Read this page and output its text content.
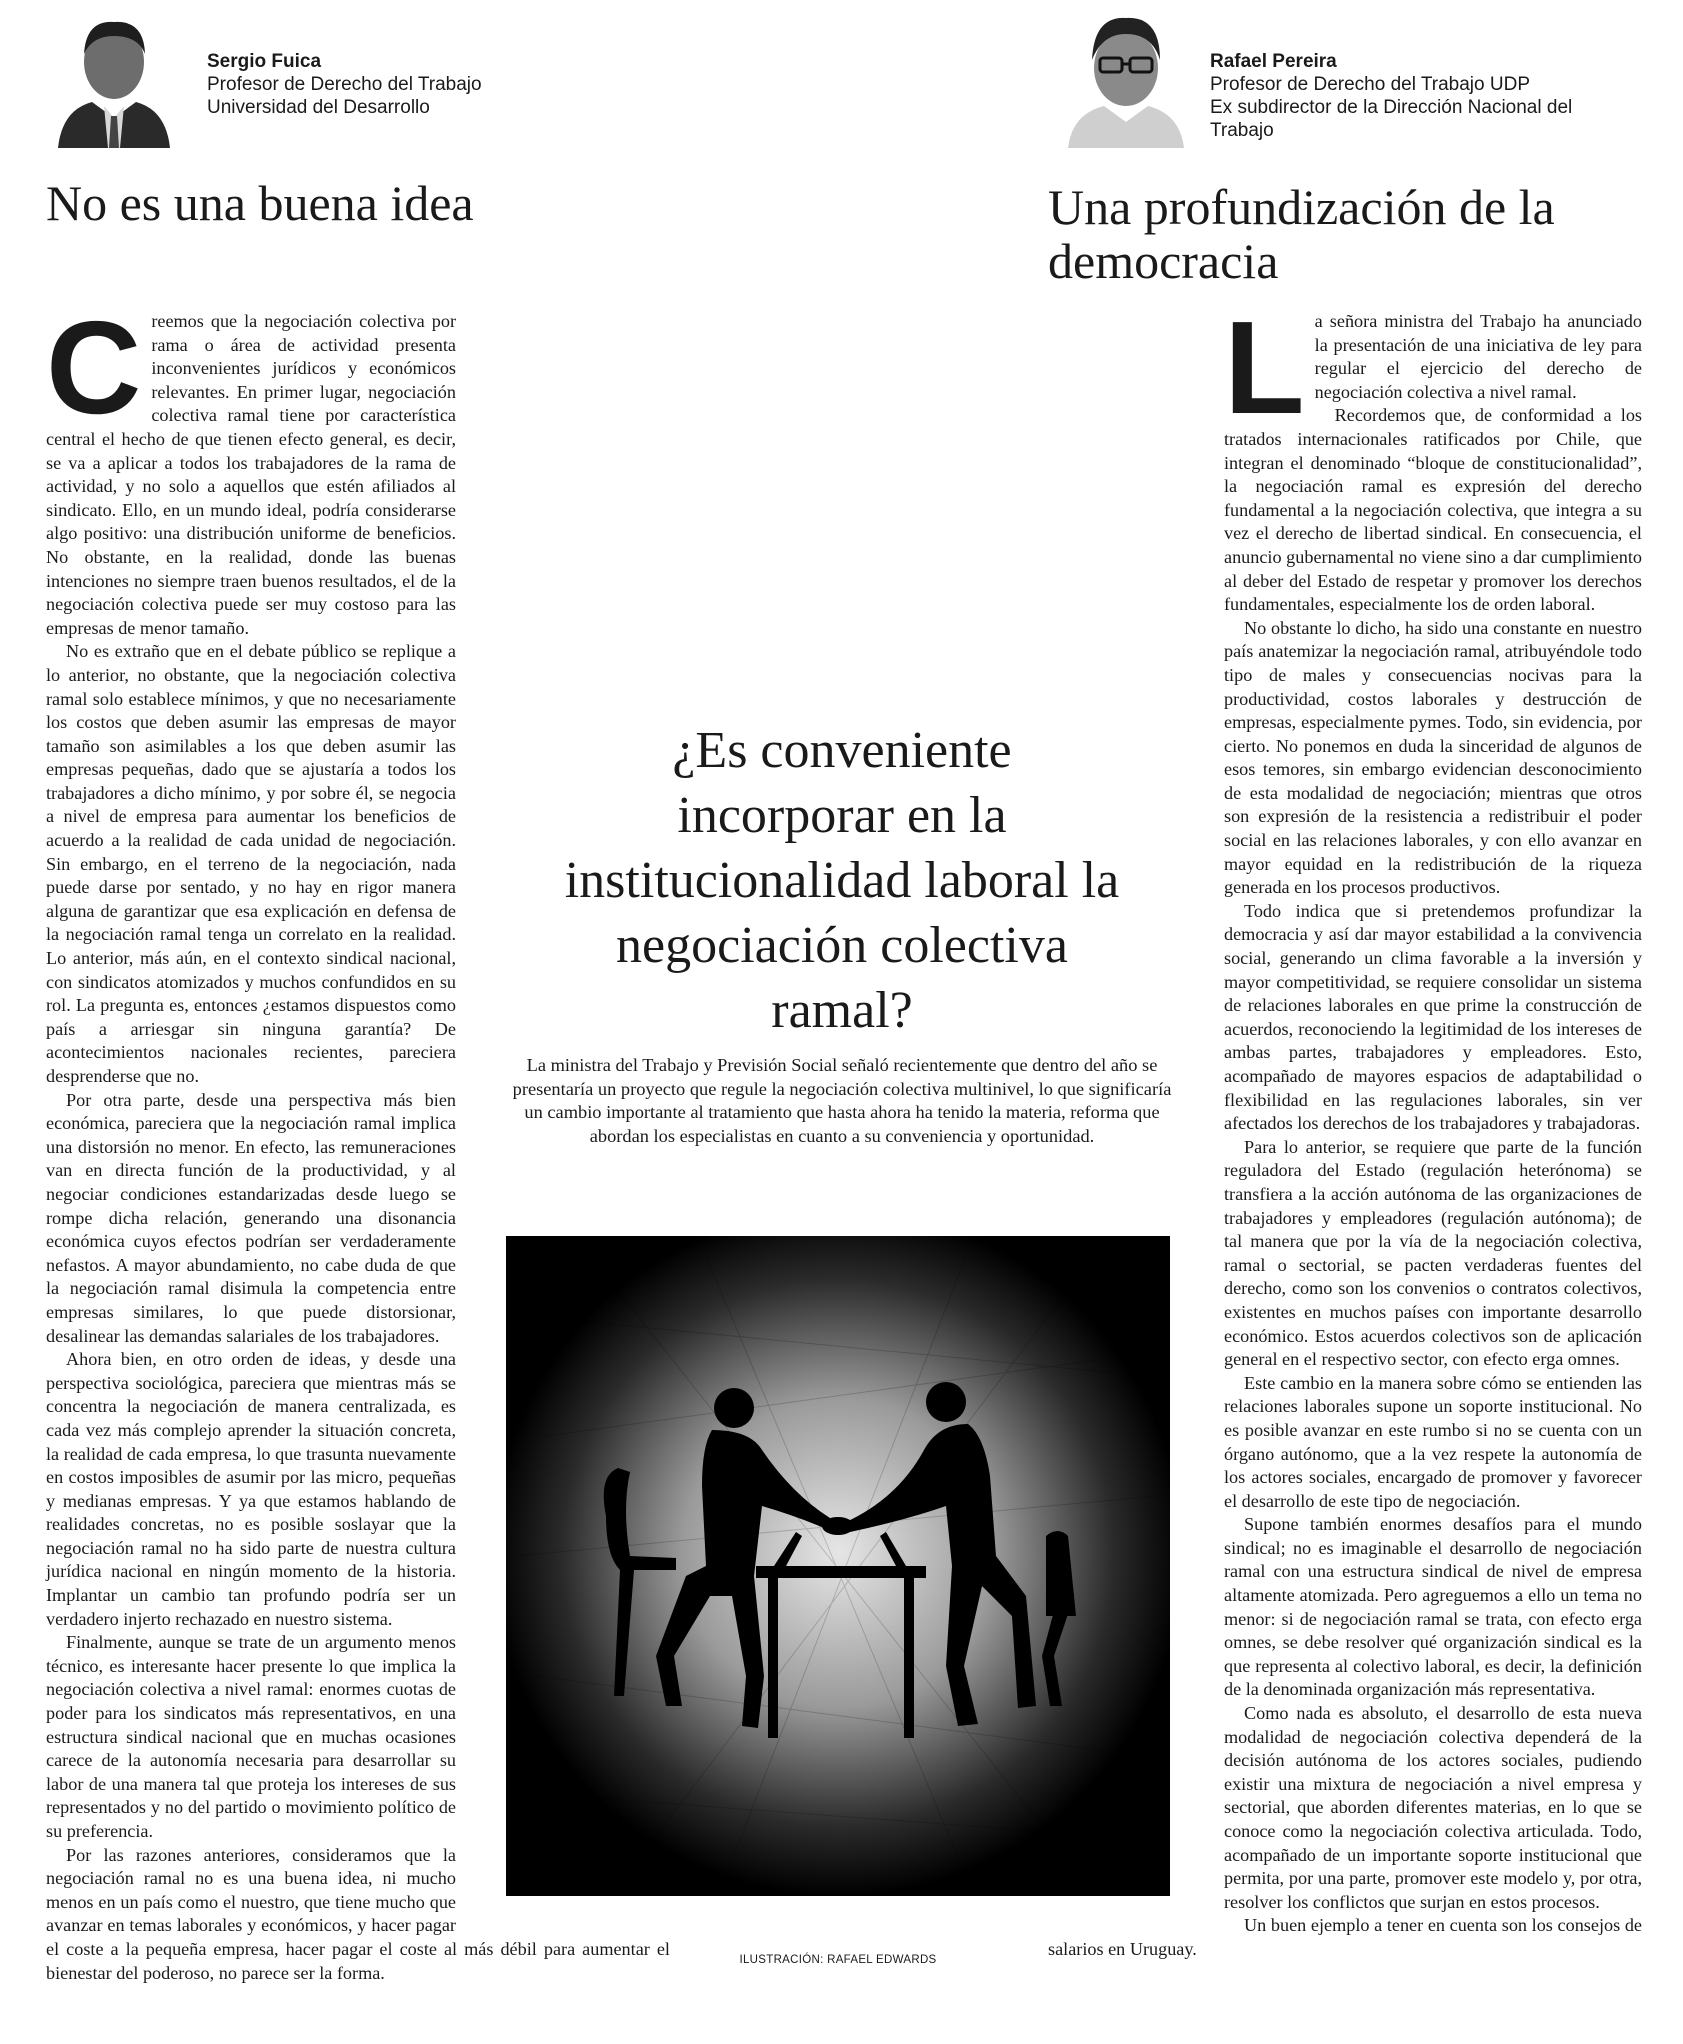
Sergio Fuica

Profesor de Derecho del Trabajo

Universidad del Desarrollo

Rafael Pereira

Profesor de Derecho del Trabajo UDP

Ex subdirector de la Dirección Nacional del Trabajo

No es una buena idea	Una profundización de la
democracia

Creemos que la negociación colectiva por rama o área de actividad presenta inconvenientes jurídicos y económicos relevantes. En primer lugar, negociación colectiva ramal tiene por característica central el hecho de que tienen efecto general, es decir, se va a aplicar a todos los trabajadores de la rama de actividad, y no solo a aquellos que estén afiliados al sindicato. Ello, en un mundo ideal, podría considerarse algo positivo: una distribución uniforme de beneficios. No obstante, en la realidad, donde las buenas intenciones no siempre traen buenos resultados, el de la negociación colectiva puede ser muy costoso para las empresas de menor tamaño.

No es extraño que en el debate público se replique a lo anterior, no obstante, que la negociación colectiva ramal solo establece mínimos, y que no necesariamente los costos que deben asumir las empresas de mayor tamaño son asimilables a los que deben asumir las empresas pequeñas, dado que se ajustaría a todos los trabajadores a dicho mínimo, y por sobre él, se negocia a nivel de empresa para aumentar los beneficios de acuerdo a la realidad de cada unidad de negociación. Sin embargo, en el terreno de la negociación, nada puede darse por sentado, y no hay en rigor manera alguna de garantizar que esa explicación en defensa de la negociación ramal tenga un correlato en la realidad. Lo anterior, más aún, en el contexto sindical nacional, con sindicatos atomizados y muchos confundidos en su rol. La pregunta es, entonces ¿estamos dispuestos como país a arriesgar sin ninguna garantía? De acontecimientos nacionales recientes, pareciera desprenderse que no.

Por otra parte, desde una perspectiva más bien económica, pareciera que la negociación ramal implica una distorsión no menor. En efecto, las remuneraciones van en directa función de la productividad, y al negociar condiciones estandarizadas desde luego se rompe dicha relación, generando una disonancia económica cuyos efectos podrían ser verdaderamente nefastos. A mayor abundamiento, no cabe duda de que la negociación ramal disimula la competencia entre empresas similares, lo que puede distorsionar, desalinear las demandas salariales de los trabajadores.

Ahora bien, en otro orden de ideas, y desde una perspectiva sociológica, pareciera que mientras más se concentra la negociación de manera centralizada, es cada vez más complejo aprender la situación concreta, la realidad de cada empresa, lo que trasunta nuevamente en costos imposibles de asumir por las micro, pequeñas y medianas empresas. Y ya que estamos hablando de realidades concretas, no es posible soslayar que la negociación ramal no ha sido parte de nuestra cultura jurídica nacional en ningún momento de la historia. Implantar un cambio tan profundo podría ser un verdadero injerto rechazado en nuestro sistema.

Finalmente, aunque se trate de un argumento menos técnico, es interesante hacer presente lo que implica la negociación colectiva a nivel ramal: enormes cuotas de poder para los sindicatos más representativos, en una estructura sindical nacional que en muchas ocasiones carece de la autonomía necesaria para desarrollar su labor de una manera tal que proteja los intereses de sus representados y no del partido o movimiento político de su preferencia.

Por las razones anteriores, consideramos que la negociación ramal no es una buena idea, ni mucho menos en un país como el nuestro, que tiene mucho que avanzar en temas laborales y económicos, y hacer pagar el coste a la pequeña empresa, hacer pagar el coste al más débil para aumentar el bienestar del poderoso, no parece ser la forma.

La señora ministra del Trabajo ha anunciado la presentación de una iniciativa de ley para regular el ejercicio del derecho de negociación colectiva a nivel ramal.

Recordemos que, de conformidad a los tratados internacionales ratificados por Chile, que integran el denominado “bloque de constitucionalidad”, la negociación ramal es expresión del derecho fundamental a la negociación colectiva, que integra a su vez el derecho de libertad sindical. En consecuencia, el anuncio gubernamental no viene sino a dar cumplimiento al deber del Estado de respetar y promover los derechos fundamentales, especialmente los de orden laboral.

No obstante lo dicho, ha sido una constante en nuestro país anatemizar la negociación ramal, atribuyéndole todo tipo de males y consecuencias nocivas para la productividad, costos laborales y destrucción de empresas, especialmente pymes. Todo, sin evidencia, por cierto. No ponemos en duda la sinceridad de algunos de esos temores, sin embargo evidencian desconocimiento de esta modalidad de negociación; mientras que otros son expresión de la resistencia a redistribuir el poder social en las relaciones laborales, y con ello avanzar en mayor equidad en la redistribución de la riqueza generada en los procesos productivos.

Todo indica que si pretendemos profundizar la democracia y así dar mayor estabilidad a la convivencia social, generando un clima favorable a la inversión y mayor competitividad, se requiere consolidar un sistema de relaciones laborales en que prime la construcción de acuerdos, reconociendo la legitimidad de los intereses de ambas partes, trabajadores y empleadores. Esto, acompañado de mayores espacios de adaptabilidad o flexibilidad en las regulaciones laborales, sin ver afectados los derechos de los trabajadores y trabajadoras.

Para lo anterior, se requiere que parte de la función reguladora del Estado (regulación heterónoma) se transfiera a la acción autónoma de las organizaciones de trabajadores y empleadores (regulación autónoma); de tal manera que por la vía de la negociación colectiva, ramal o sectorial, se pacten verdaderas fuentes del derecho, como son los convenios o contratos colectivos, existentes en muchos países con importante desarrollo económico. Estos acuerdos colectivos son de aplicación general en el respectivo sector, con efecto erga omnes.

Este cambio en la manera sobre cómo se entienden las relaciones laborales supone un soporte institucional. No es posible avanzar en este rumbo si no se cuenta con un órgano autónomo, que a la vez respete la autonomía de los actores sociales, encargado de promover y favorecer el desarrollo de este tipo de negociación.

Supone también enormes desafíos para el mundo sindical; no es imaginable el desarrollo de negociación ramal con una estructura sindical de nivel de empresa altamente atomizada. Pero agreguemos a ello un tema no menor: si de negociación ramal se trata, con efecto erga omnes, se debe resolver qué organización sindical es la que representa al colectivo laboral, es decir, la definición de la denominada organización más representativa.

Como nada es absoluto, el desarrollo de esta nueva modalidad de negociación colectiva dependerá de la decisión autónoma de los actores sociales, pudiendo existir una mixtura de negociación a nivel empresa y sectorial, que aborden diferentes materias, en lo que se conoce como la negociación colectiva articulada. Todo, acompañado de un importante soporte institucional que permita, por una parte, promover este modelo y, por otra, resolver los conflictos que surjan en estos procesos.

Un buen ejemplo a tener en cuenta son los consejos de salarios en Uruguay.

¿Es conveniente
incorporar en la
institucionalidad laboral la
negociación colectiva
ramal?

La ministra del Trabajo y Previsión Social señaló recientemente que dentro del año se presentaría un proyecto que regule la negociación colectiva multinivel, lo que significaría un cambio importante al tratamiento que hasta ahora ha tenido la materia, reforma que abordan los especialistas en cuanto a su conveniencia y oportunidad.

ILUSTRACIÓN: RAFAEL EDWARDS
